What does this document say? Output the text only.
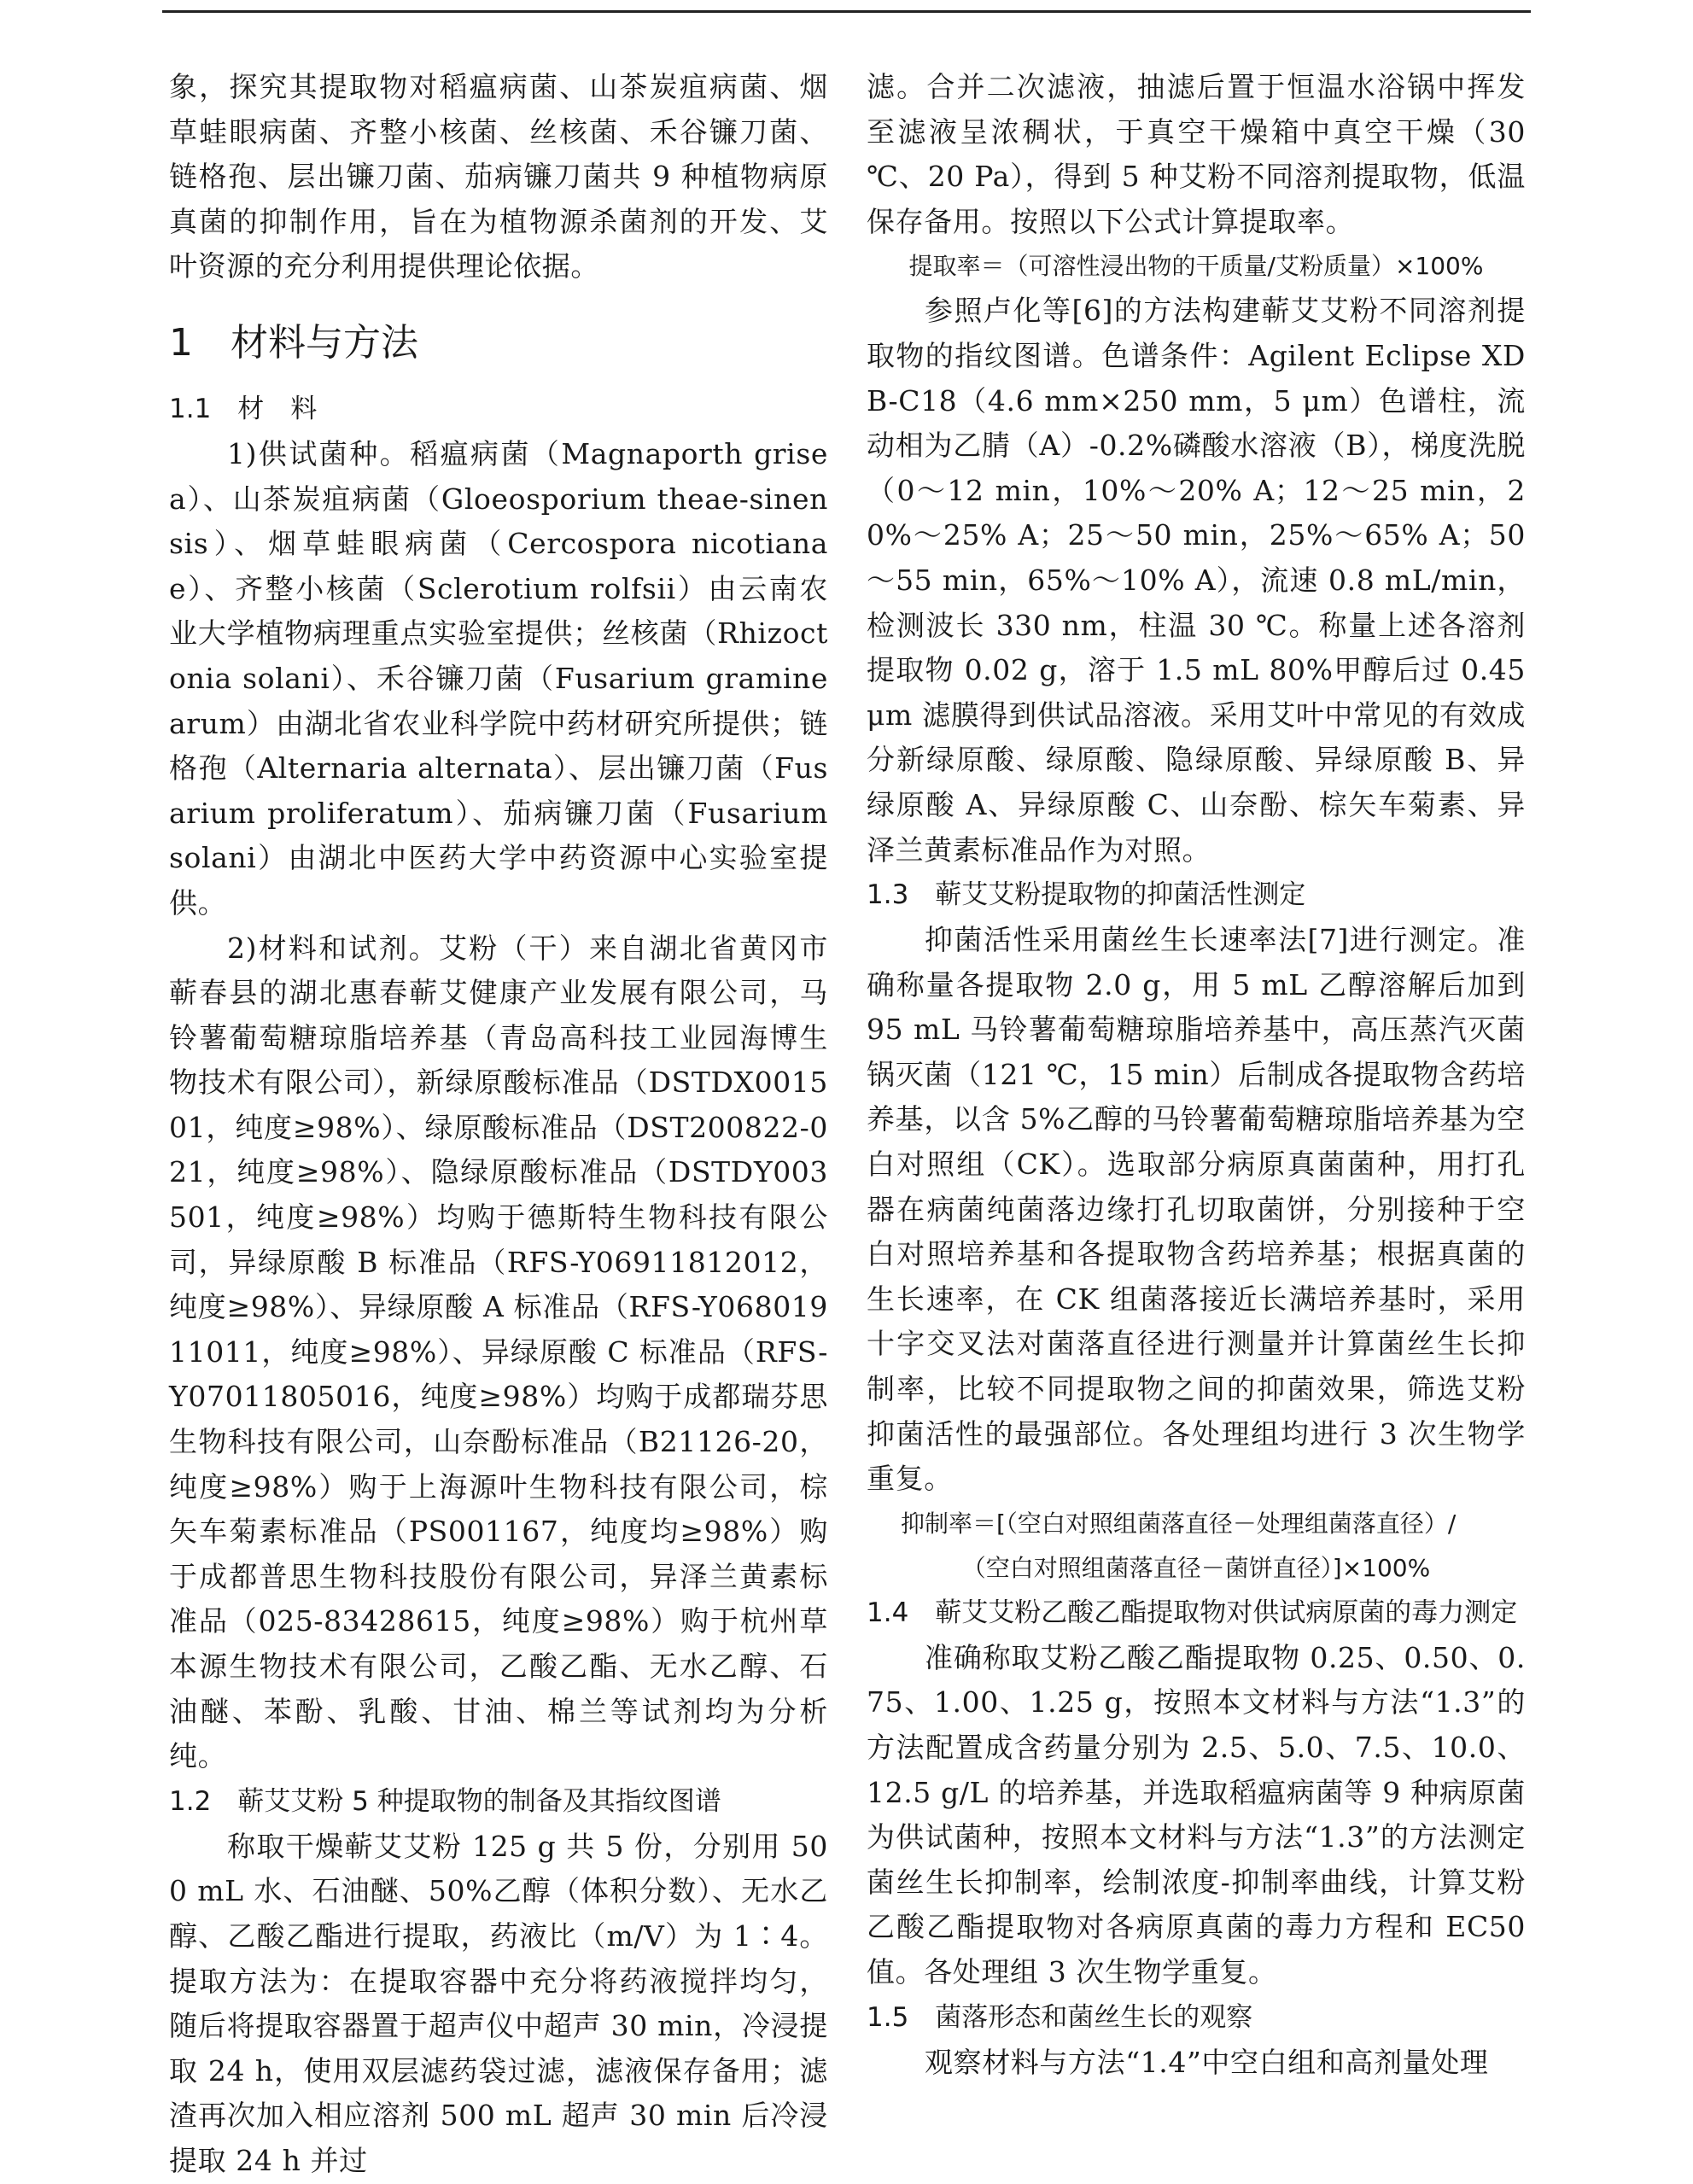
象，探究其提取物对稻瘟病菌、山茶炭疽病菌、烟草蛙眼病菌、齐整小核菌、丝核菌、禾谷镰刀菌、链格孢、层出镰刀菌、茄病镰刀菌共 9 种植物病原真菌的抑制作用，旨在为植物源杀菌剂的开发、艾叶资源的充分利用提供理论依据。

1　材料与方法
1.1　材　料

1)供试菌种。稻瘟病菌（Magnaporth grisea）、山茶炭疽病菌（Gloeosporium theae-sinensis）、烟草蛙眼病菌（Cercospora nicotianae）、齐整小核菌（Sclerotium rolfsii）由云南农业大学植物病理重点实验室提供；丝核菌（Rhizoctonia solani）、禾谷镰刀菌（Fusarium graminearum）由湖北省农业科学院中药材研究所提供；链格孢（Alternaria alternata）、层出镰刀菌（Fusarium proliferatum）、茄病镰刀菌（Fusarium solani）由湖北中医药大学中药资源中心实验室提供。

2)材料和试剂。艾粉（干）来自湖北省黄冈市蕲春县的湖北惠春蕲艾健康产业发展有限公司，马铃薯葡萄糖琼脂培养基（青岛高科技工业园海博生物技术有限公司），新绿原酸标准品（DSTDX001501，纯度≥98%）、绿原酸标准品（DST200822-021，纯度≥98%）、隐绿原酸标准品（DSTDY003501，纯度≥98%）均购于德斯特生物科技有限公司，异绿原酸 B 标准品（RFS-Y06911812012，纯度≥98%）、异绿原酸 A 标准品（RFS-Y06801911011，纯度≥98%）、异绿原酸 C 标准品（RFS-Y07011805016，纯度≥98%）均购于成都瑞芬思生物科技有限公司，山奈酚标准品（B21126-20，纯度≥98%）购于上海源叶生物科技有限公司，棕矢车菊素标准品（PS001167，纯度均≥98%）购于成都普思生物科技股份有限公司，异泽兰黄素标准品（025-83428615，纯度≥98%）购于杭州草本源生物技术有限公司，乙酸乙酯、无水乙醇、石油醚、苯酚、乳酸、甘油、棉兰等试剂均为分析纯。

1.2　蕲艾艾粉 5 种提取物的制备及其指纹图谱

称取干燥蕲艾艾粉 125 g 共 5 份，分别用 500 mL 水、石油醚、50%乙醇（体积分数）、无水乙醇、乙酸乙酯进行提取，药液比（m/V）为 1∶4。提取方法为：在提取容器中充分将药液搅拌均匀，随后将提取容器置于超声仪中超声 30 min，冷浸提取 24 h，使用双层滤药袋过滤，滤液保存备用；滤渣再次加入相应溶剂 500 mL 超声 30 min 后冷浸提取 24 h 并过

滤。合并二次滤液，抽滤后置于恒温水浴锅中挥发至滤液呈浓稠状，于真空干燥箱中真空干燥（30 ℃、20 Pa），得到 5 种艾粉不同溶剂提取物，低温保存备用。按照以下公式计算提取率。

提取率＝（可溶性浸出物的干质量/艾粉质量）×100%

参照卢化等[6]的方法构建蕲艾艾粉不同溶剂提取物的指纹图谱。色谱条件：Agilent Eclipse XDB-C18（4.6 mm×250 mm，5 μm）色谱柱，流动相为乙腈（A）-0.2%磷酸水溶液（B），梯度洗脱（0～12 min，10%～20% A；12～25 min，20%～25% A；25～50 min，25%～65% A；50～55 min，65%～10% A），流速 0.8 mL/min，检测波长 330 nm，柱温 30 ℃。称量上述各溶剂提取物 0.02 g，溶于 1.5 mL 80%甲醇后过 0.45 μm 滤膜得到供试品溶液。采用艾叶中常见的有效成分新绿原酸、绿原酸、隐绿原酸、异绿原酸 B、异绿原酸 A、异绿原酸 C、山奈酚、棕矢车菊素、异泽兰黄素标准品作为对照。

1.3　蕲艾艾粉提取物的抑菌活性测定

抑菌活性采用菌丝生长速率法[7]进行测定。准确称量各提取物 2.0 g，用 5 mL 乙醇溶解后加到 95 mL 马铃薯葡萄糖琼脂培养基中，高压蒸汽灭菌锅灭菌（121 ℃，15 min）后制成各提取物含药培养基，以含 5%乙醇的马铃薯葡萄糖琼脂培养基为空白对照组（CK）。选取部分病原真菌菌种，用打孔器在病菌纯菌落边缘打孔切取菌饼，分别接种于空白对照培养基和各提取物含药培养基；根据真菌的生长速率，在 CK 组菌落接近长满培养基时，采用十字交叉法对菌落直径进行测量并计算菌丝生长抑制率，比较不同提取物之间的抑菌效果，筛选艾粉抑菌活性的最强部位。各处理组均进行 3 次生物学重复。

抑制率＝[（空白对照组菌落直径－处理组菌落直径）/

（空白对照组菌落直径－菌饼直径）]×100%

1.4　蕲艾艾粉乙酸乙酯提取物对供试病原菌的毒力测定

准确称取艾粉乙酸乙酯提取物 0.25、0.50、0.75、1.00、1.25 g，按照本文材料与方法“1.3”的方法配置成含药量分别为 2.5、5.0、7.5、10.0、12.5 g/L 的培养基，并选取稻瘟病菌等 9 种病原菌为供试菌种，按照本文材料与方法“1.3”的方法测定菌丝生长抑制率，绘制浓度-抑制率曲线，计算艾粉乙酸乙酯提取物对各病原真菌的毒力方程和 EC50 值。各处理组 3 次生物学重复。

1.5　菌落形态和菌丝生长的观察

观察材料与方法“1.4”中空白组和高剂量处理
